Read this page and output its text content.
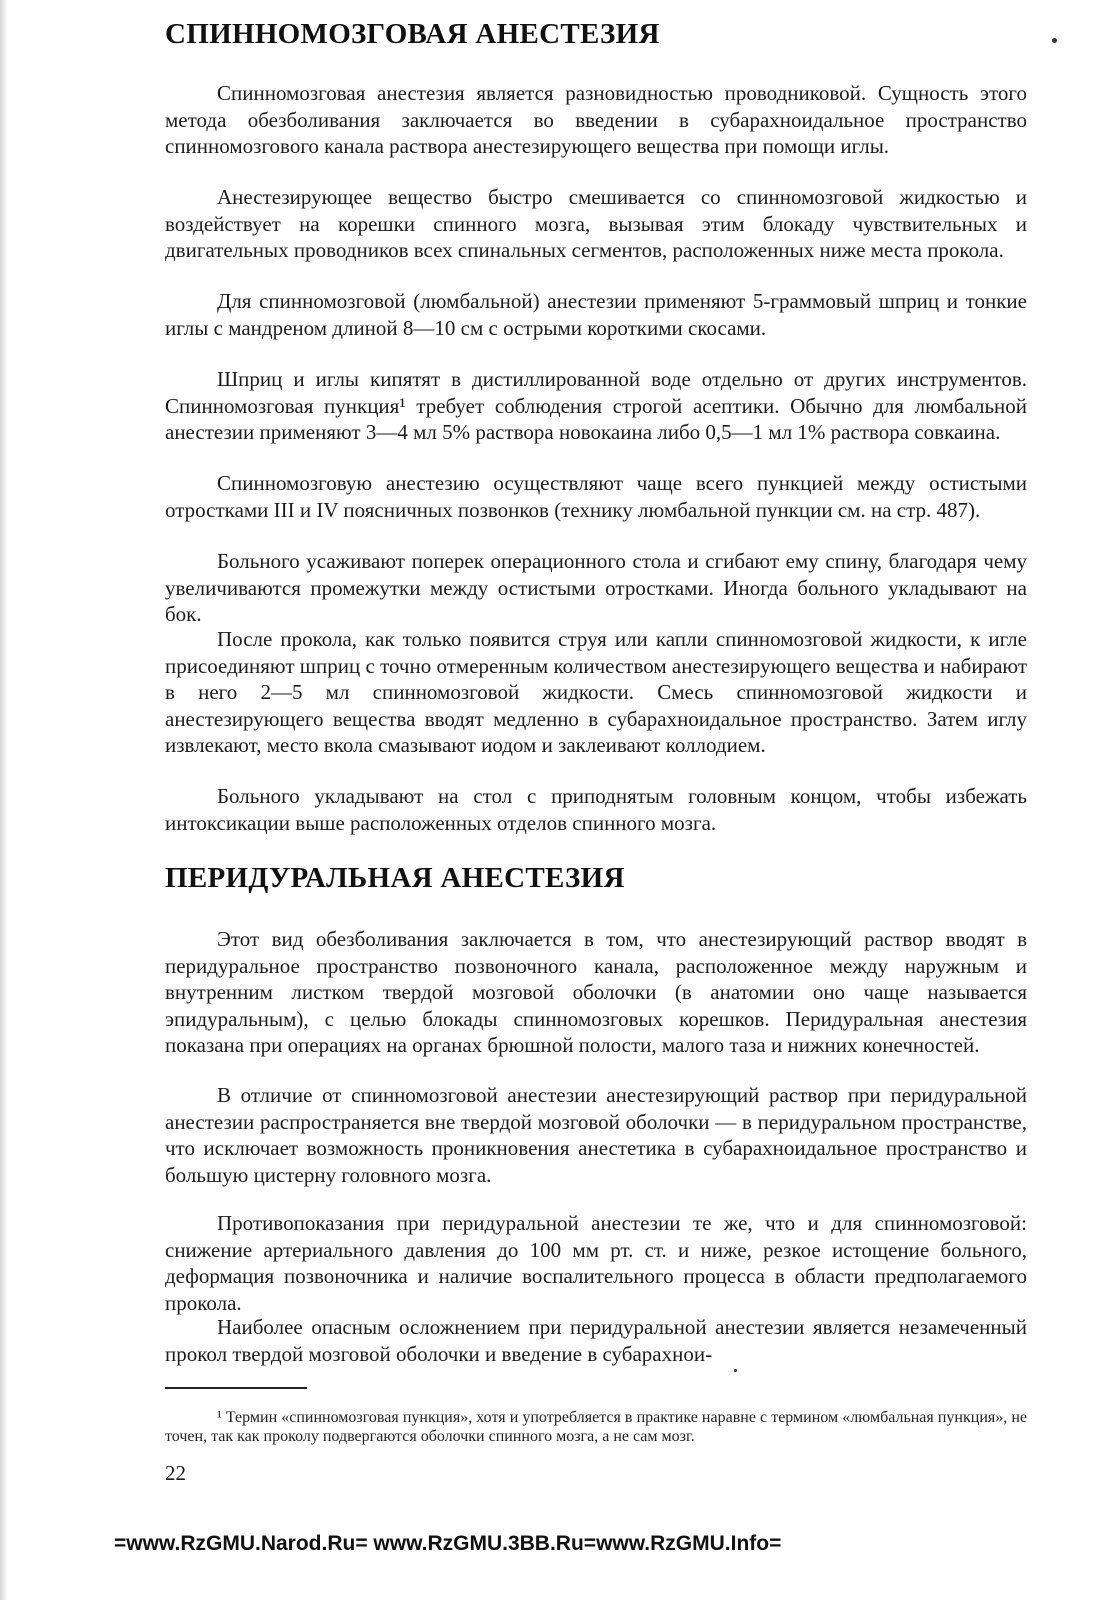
СПИННОМОЗГОВАЯ АНЕСТЕЗИЯ

Спинномозговая анестезия является разновидностью проводниковой. Сущность этого метода обезболивания заключается во введении в субарахноидальное пространство спинномозгового канала раствора анестезирующего вещества при помощи иглы.

Анестезирующее вещество быстро смешивается со спинномозговой жидкостью и воздействует на корешки спинного мозга, вызывая этим блокаду чувствительных и двигательных проводников всех спинальных сегментов, расположенных ниже места прокола.

Для спинномозговой (люмбальной) анестезии применяют 5-граммовый шприц и тонкие иглы с мандреном длиной 8—10 см с острыми короткими скосами.

Шприц и иглы кипятят в дистиллированной воде отдельно от других инструментов. Спинномозговая пункция¹ требует соблюдения строгой асептики. Обычно для люмбальной анестезии применяют 3—4 мл 5% раствора новокаина либо 0,5—1 мл 1% раствора совкаина.

Спинномозговую анестезию осуществляют чаще всего пункцией между остистыми отростками III и IV поясничных позвонков (технику люмбальной пункции см. на стр. 487).

Больного усаживают поперек операционного стола и сгибают ему спину, благодаря чему увеличиваются промежутки между остистыми отростками. Иногда больного укладывают на бок.

После прокола, как только появится струя или капли спинномозговой жидкости, к игле присоединяют шприц с точно отмеренным количеством анестезирующего вещества и набирают в него 2—5 мл спинномозговой жидкости. Смесь спинномозговой жидкости и анестезирующего вещества вводят медленно в субарахноидальное пространство. Затем иглу извлекают, место вкола смазывают иодом и заклеивают коллодием.

Больного укладывают на стол с приподнятым головным концом, чтобы избежать интоксикации выше расположенных отделов спинного мозга.

ПЕРИДУРАЛЬНАЯ АНЕСТЕЗИЯ

Этот вид обезболивания заключается в том, что анестезирующий раствор вводят в перидуральное пространство позвоночного канала, расположенное между наружным и внутренним листком твердой мозговой оболочки (в анатомии оно чаще называется эпидуральным), с целью блокады спинномозговых корешков. Перидуральная анестезия показана при операциях на органах брюшной полости, малого таза и нижних конечностей.

В отличие от спинномозговой анестезии анестезирующий раствор при перидуральной анестезии распространяется вне твердой мозговой оболочки — в перидуральном пространстве, что исключает возможность проникновения анестетика в субарахноидальное пространство и большую цистерну головного мозга.

Противопоказания при перидуральной анестезии те же, что и для спинномозговой: снижение артериального давления до 100 мм рт. ст. и ниже, резкое истощение больного, деформация позвоночника и наличие воспалительного процесса в области предполагаемого прокола.

Наиболее опасным осложнением при перидуральной анестезии является незамеченный прокол твердой мозговой оболочки и введение в субарахнои-

¹ Термин «спинномозговая пункция», хотя и употребляется в практике наравне с термином «люмбальная пункция», не точен, так как проколу подвергаются оболочки спинного мозга, а не сам мозг.

22
=www.RzGMU.Narod.Ru= www.RzGMU.3BB.Ru=www.RzGMU.Info=
